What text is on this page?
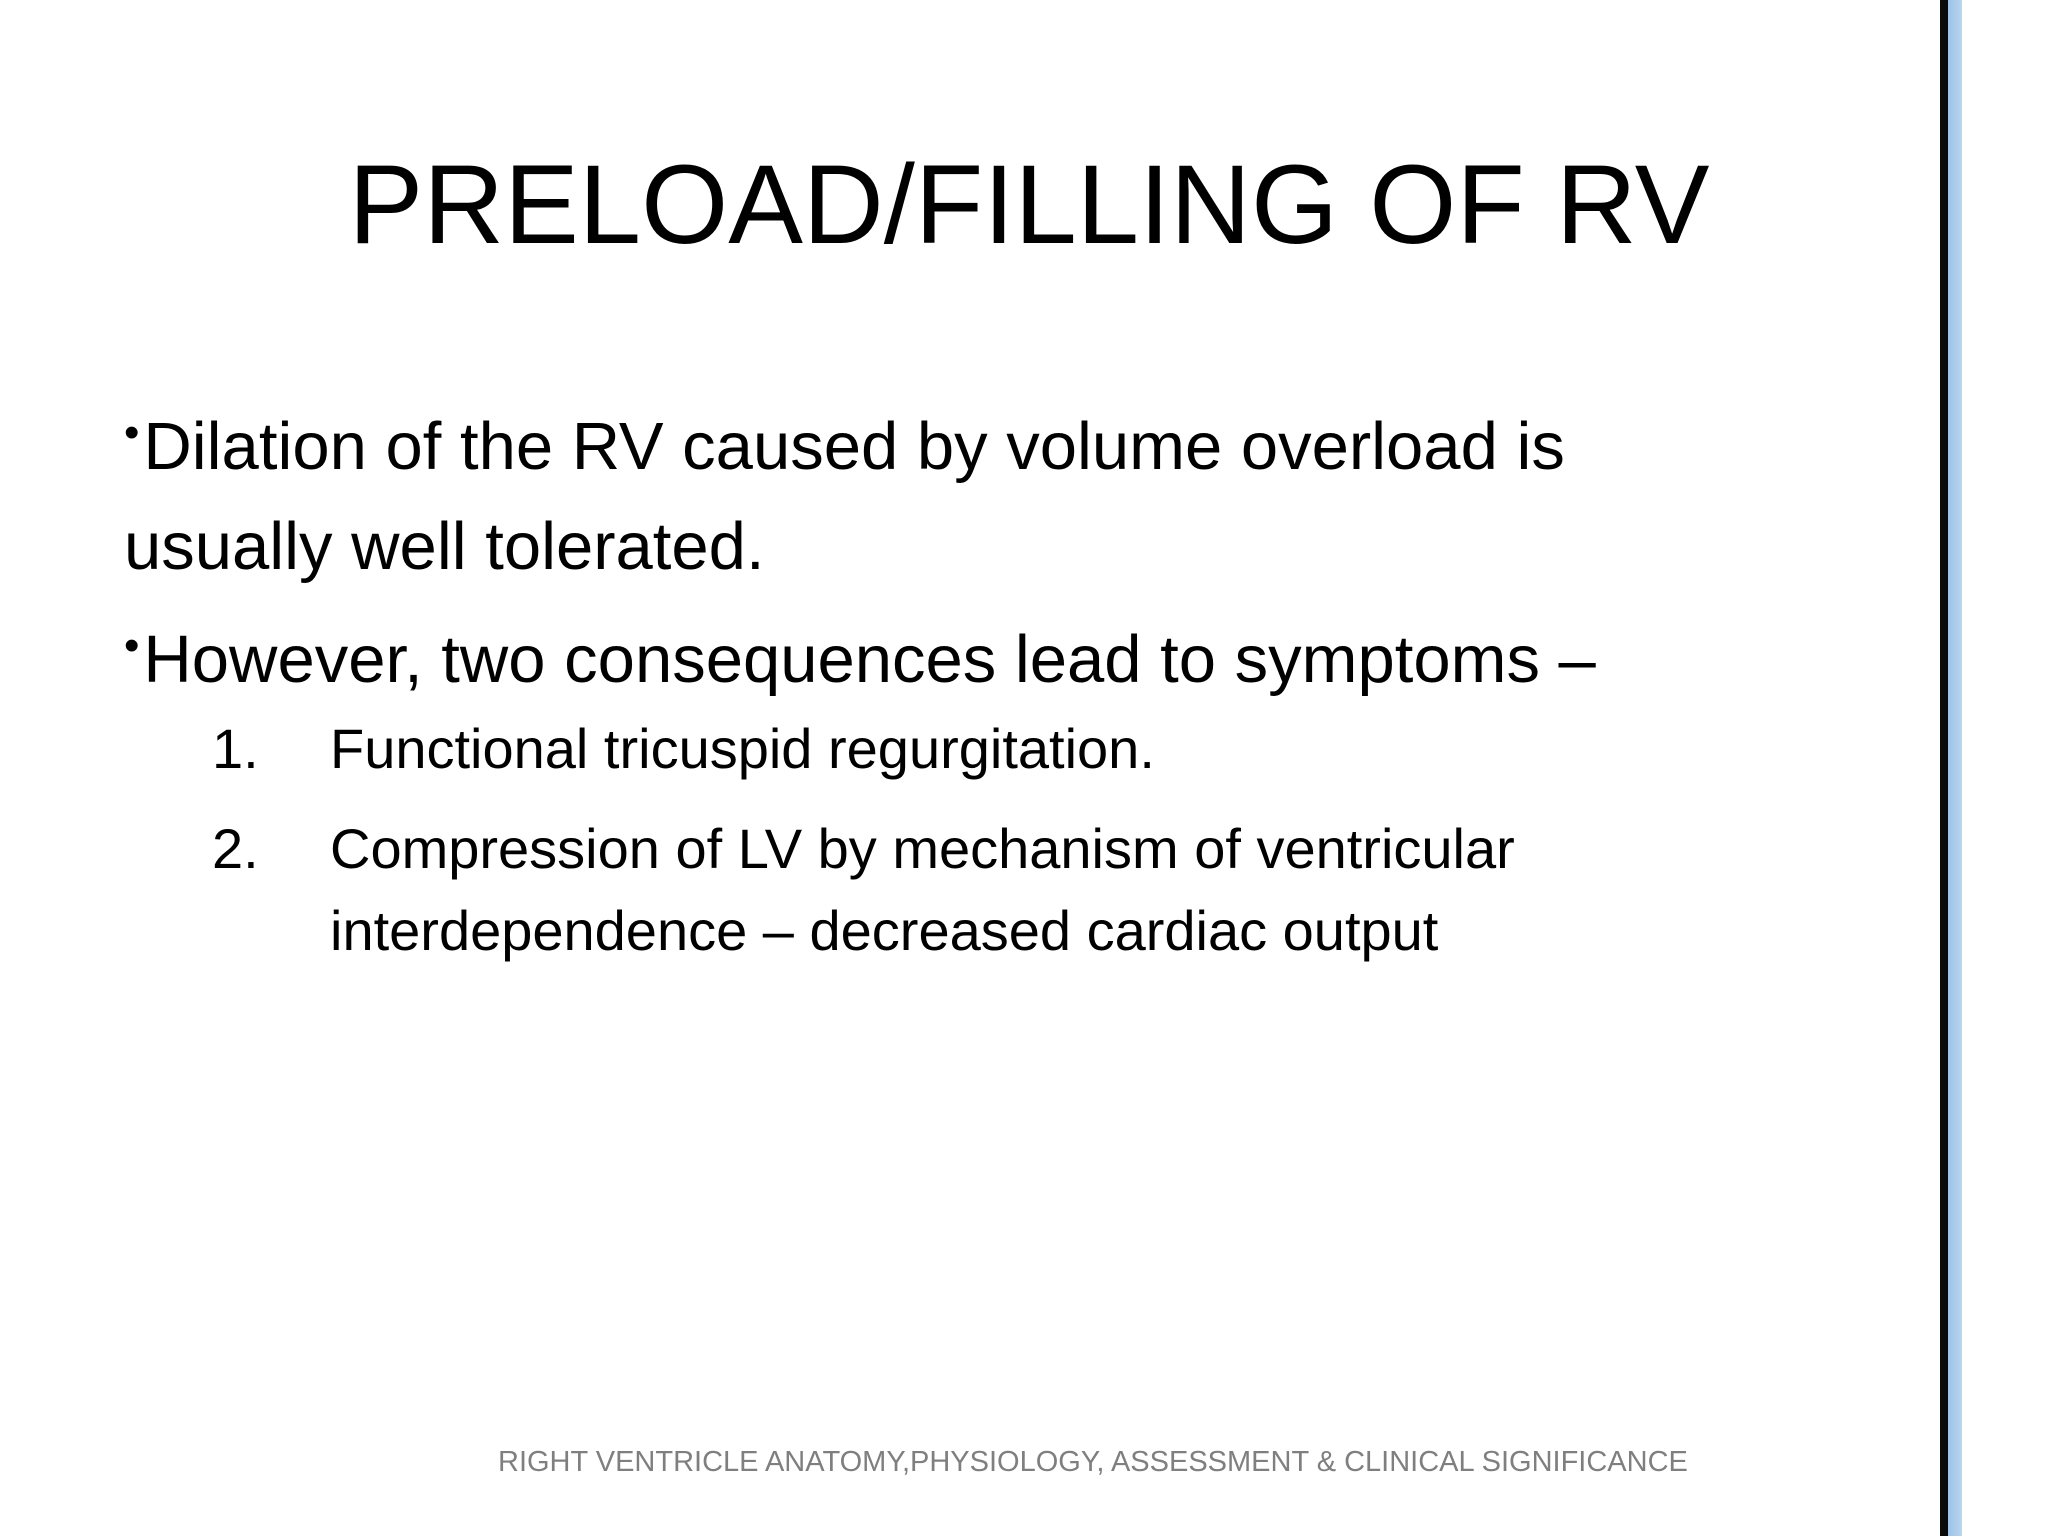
PRELOAD/FILLING OF RV
•Dilation of the RV caused by volume overload is usually well tolerated.
•However, two consequences lead to symptoms –
1. Functional tricuspid regurgitation.
2. Compression of LV by mechanism of ventricular interdependence – decreased cardiac output
RIGHT VENTRICLE ANATOMY,PHYSIOLOGY, ASSESSMENT & CLINICAL SIGNIFICANCE
